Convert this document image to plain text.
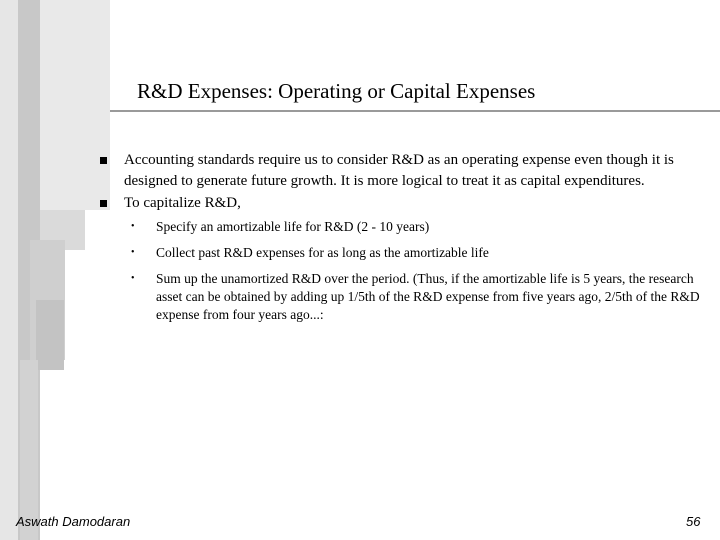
R&D Expenses: Operating or Capital Expenses
Accounting standards require us to consider R&D as an operating expense even though it is designed to generate future growth. It is more logical to treat it as capital expenditures.
To capitalize R&D,
• Specify an amortizable life for R&D (2 - 10 years)
• Collect past R&D expenses for as long as the amortizable life
• Sum up the unamortized R&D over the period. (Thus, if the amortizable life is 5 years, the research asset can be obtained by adding up 1/5th of the R&D expense from five years ago, 2/5th of the R&D expense from four years ago...:
Aswath Damodaran	56
